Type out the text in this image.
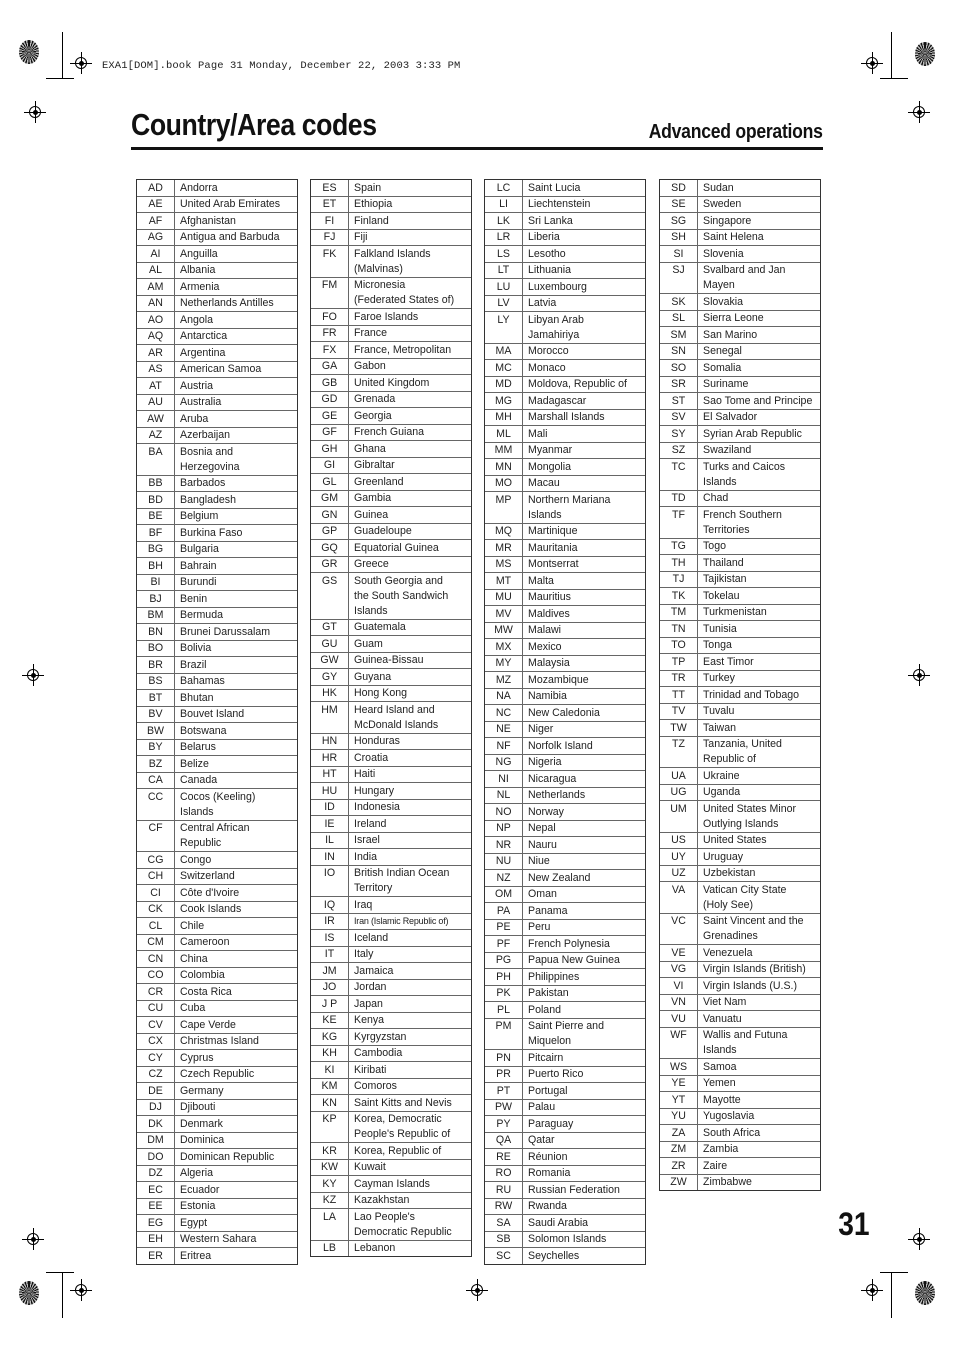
EXA1[DOM].book Page 31 Monday, December 22, 2003 3:33 PM
Country/Area codes	Advanced operations
AD	Andorra
AE	United Arab Emirates
AF	Afghanistan
AG	Antigua and Barbuda
AI	Anguilla
AL	Albania
AM	Armenia
AN	Netherlands Antilles
AO	Angola
AQ	Antarctica
AR	Argentina
AS	American Samoa
AT	Austria
AU	Australia
AW	Aruba
AZ	Azerbaijan
BA	Bosnia and
Herzegovina
BB	Barbados
BD	Bangladesh
BE	Belgium
BF	Burkina Faso
BG	Bulgaria
BH	Bahrain
BI	Burundi
BJ	Benin
BM	Bermuda
BN	Brunei Darussalam
BO	Bolivia
BR	Brazil
BS	Bahamas
BT	Bhutan
BV	Bouvet Island
BW	Botswana
BY	Belarus
BZ	Belize
CA	Canada
CC	Cocos (Keeling)
Islands
CF	Central African
Republic
CG	Congo
CH	Switzerland
CI	Côte d'Ivoire
CK	Cook Islands
CL	Chile
CM	Cameroon
CN	China
CO	Colombia
CR	Costa Rica
CU	Cuba
CV	Cape Verde
CX	Christmas Island
CY	Cyprus
CZ	Czech Republic
DE	Germany
DJ	Djibouti
DK	Denmark
DM	Dominica
DO	Dominican Republic
DZ	Algeria
EC	Ecuador
EE	Estonia
EG	Egypt
EH	Western Sahara
ER	Eritrea
ES	Spain
ET	Ethiopia
FI	Finland
FJ	Fiji
FK	Falkland Islands
(Malvinas)
FM	Micronesia
(Federated States of)
FO	Faroe Islands
FR	France
FX	France, Metropolitan
GA	Gabon
GB	United Kingdom
GD	Grenada
GE	Georgia
GF	French Guiana
GH	Ghana
GI	Gibraltar
GL	Greenland
GM	Gambia
GN	Guinea
GP	Guadeloupe
GQ	Equatorial Guinea
GR	Greece
GS	South Georgia and
the South Sandwich
Islands
GT	Guatemala
GU	Guam
GW	Guinea-Bissau
GY	Guyana
HK	Hong Kong
HM	Heard Island and
McDonald Islands
HN	Honduras
HR	Croatia
HT	Haiti
HU	Hungary
ID	Indonesia
IE	Ireland
IL	Israel
IN	India
IO	British Indian Ocean
Territory
IQ	Iraq
IR	Iran (Islamic Republic of)
IS	Iceland
IT	Italy
JM	Jamaica
JO	Jordan
J P	Japan
KE	Kenya
KG	Kyrgyzstan
KH	Cambodia
KI	Kiribati
KM	Comoros
KN	Saint Kitts and Nevis
KP	Korea, Democratic
People's Republic of
KR	Korea, Republic of
KW	Kuwait
KY	Cayman Islands
KZ	Kazakhstan
LA	Lao People's
Democratic Republic
LB	Lebanon
LC	Saint Lucia
LI	Liechtenstein
LK	Sri Lanka
LR	Liberia
LS	Lesotho
LT	Lithuania
LU	Luxembourg
LV	Latvia
LY	Libyan Arab
Jamahiriya
MA	Morocco
MC	Monaco
MD	Moldova, Republic of
MG	Madagascar
MH	Marshall Islands
ML	Mali
MM	Myanmar
MN	Mongolia
MO	Macau
MP	Northern Mariana
Islands
MQ	Martinique
MR	Mauritania
MS	Montserrat
MT	Malta
MU	Mauritius
MV	Maldives
MW	Malawi
MX	Mexico
MY	Malaysia
MZ	Mozambique
NA	Namibia
NC	New Caledonia
NE	Niger
NF	Norfolk Island
NG	Nigeria
NI	Nicaragua
NL	Netherlands
NO	Norway
NP	Nepal
NR	Nauru
NU	Niue
NZ	New Zealand
OM	Oman
PA	Panama
PE	Peru
PF	French Polynesia
PG	Papua New Guinea
PH	Philippines
PK	Pakistan
PL	Poland
PM	Saint Pierre and
Miquelon
PN	Pitcairn
PR	Puerto Rico
PT	Portugal
PW	Palau
PY	Paraguay
QA	Qatar
RE	Réunion
RO	Romania
RU	Russian Federation
RW	Rwanda
SA	Saudi Arabia
SB	Solomon Islands
SC	Seychelles
SD	Sudan
SE	Sweden
SG	Singapore
SH	Saint Helena
SI	Slovenia
SJ	Svalbard and Jan
Mayen
SK	Slovakia
SL	Sierra Leone
SM	San Marino
SN	Senegal
SO	Somalia
SR	Suriname
ST	Sao Tome and Principe
SV	El Salvador
SY	Syrian Arab Republic
SZ	Swaziland
TC	Turks and Caicos
Islands
TD	Chad
TF	French Southern
Territories
TG	Togo
TH	Thailand
TJ	Tajikistan
TK	Tokelau
TM	Turkmenistan
TN	Tunisia
TO	Tonga
TP	East Timor
TR	Turkey
TT	Trinidad and Tobago
TV	Tuvalu
TW	Taiwan
TZ	Tanzania, United
Republic of
UA	Ukraine
UG	Uganda
UM	United States Minor
Outlying Islands
US	United States
UY	Uruguay
UZ	Uzbekistan
VA	Vatican City State
(Holy See)
VC	Saint Vincent and the
Grenadines
VE	Venezuela
VG	Virgin Islands (British)
VI	Virgin Islands (U.S.)
VN	Viet Nam
VU	Vanuatu
WF	Wallis and Futuna
Islands
WS	Samoa
YE	Yemen
YT	Mayotte
YU	Yugoslavia
ZA	South Africa
ZM	Zambia
ZR	Zaire
ZW	Zimbabwe
31
